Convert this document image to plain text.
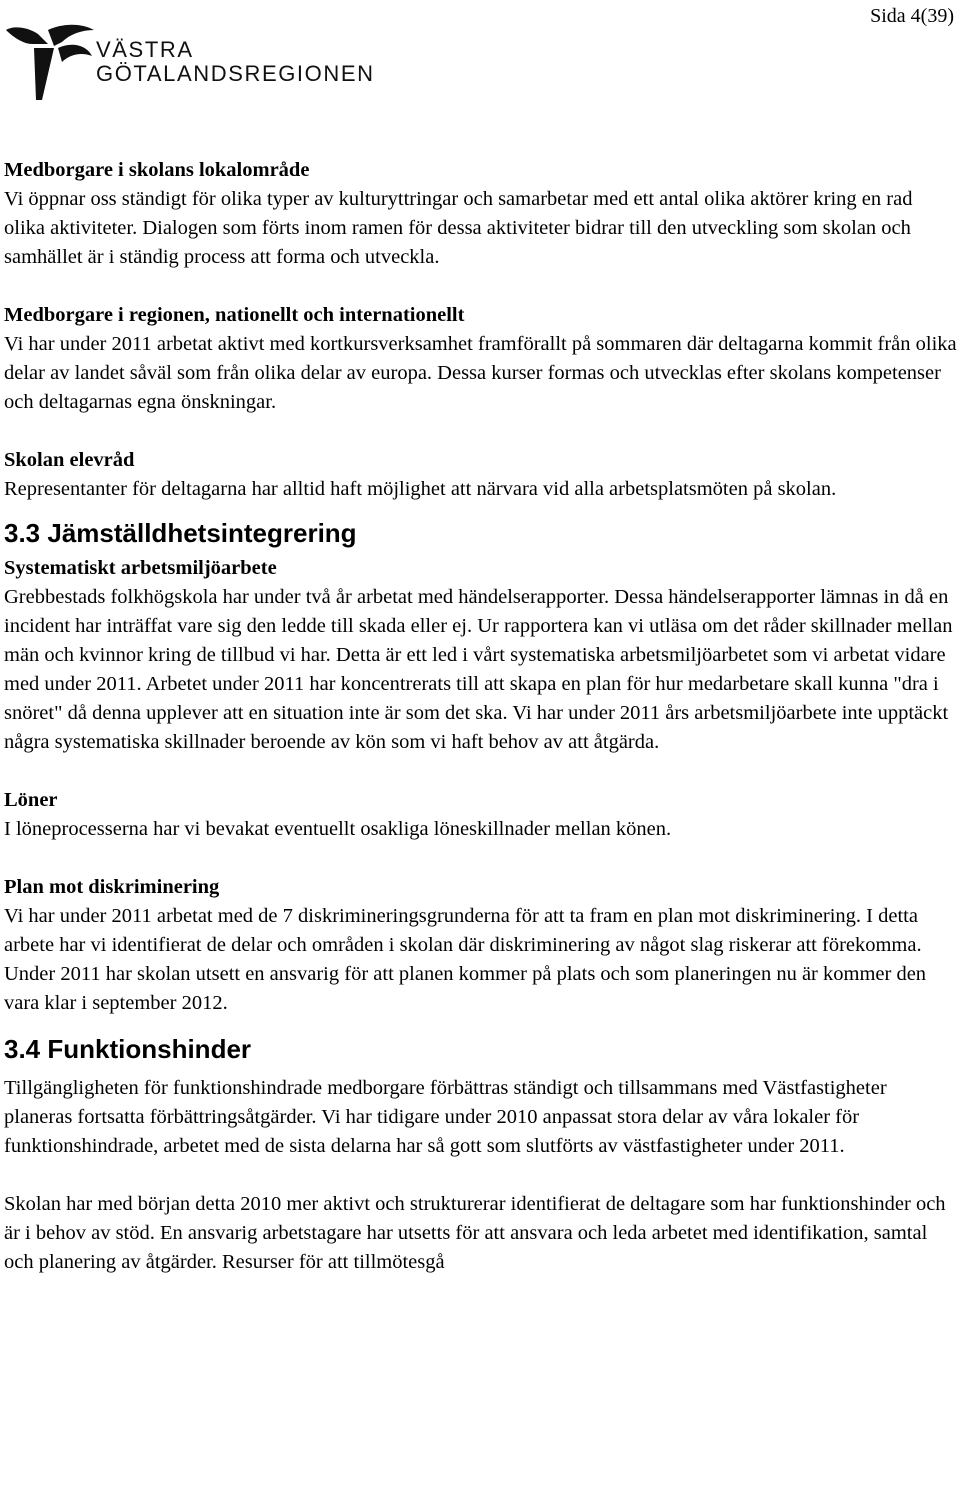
Sida 4(39)
VÄSTRA
GÖTALANDSREGIONEN

Medborgare i skolans lokalområde

Vi öppnar oss ständigt för olika typer av kulturyttringar och samarbetar med ett antal olika aktörer kring en rad olika aktiviteter. Dialogen som förts inom ramen för dessa aktiviteter bidrar till den utveckling som skolan och samhället är i ständig process att forma och utveckla.

Medborgare i regionen, nationellt och internationellt

Vi har under 2011 arbetat aktivt med kortkursverksamhet framförallt på sommaren där deltagarna kommit från olika delar av landet såväl som från olika delar av europa. Dessa kurser formas och utvecklas efter skolans kompetenser och deltagarnas egna önskningar.

Skolan elevråd

Representanter för deltagarna har alltid haft möjlighet att närvara vid alla arbetsplatsmöten på skolan.

3.3 Jämställdhetsintegrering

Systematiskt arbetsmiljöarbete

Grebbestads folkhögskola har under två år arbetat med händelserapporter. Dessa händelserapporter lämnas in då en incident har inträffat vare sig den ledde till skada eller ej. Ur rapportera kan vi utläsa om det råder skillnader mellan män och kvinnor kring de tillbud vi har. Detta är ett led i vårt systematiska arbetsmiljöarbetet som vi arbetat vidare med under 2011. Arbetet under 2011 har koncentrerats till att skapa en plan för hur medarbetare skall kunna "dra i snöret" då denna upplever att en situation inte är som det ska. Vi har under 2011 års arbetsmiljöarbete inte upptäckt några systematiska skillnader beroende av kön som vi haft behov av att åtgärda.

Löner

I löneprocesserna har vi bevakat eventuellt osakliga löneskillnader mellan könen.

Plan mot diskriminering

Vi har under 2011 arbetat med de 7 diskrimineringsgrunderna för att ta fram en plan mot diskriminering. I detta arbete har vi identifierat de delar och områden i skolan där diskriminering av något slag riskerar att förekomma. Under 2011 har skolan utsett en ansvarig för att planen kommer på plats och som planeringen nu är kommer den vara klar i september 2012.

3.4 Funktionshinder

Tillgängligheten för funktionshindrade medborgare förbättras ständigt och tillsammans med Västfastigheter planeras fortsatta förbättringsåtgärder. Vi har tidigare under 2010 anpassat stora delar av våra lokaler för funktionshindrade, arbetet med de sista delarna har så gott som slutförts av västfastigheter under 2011.

Skolan har med början detta 2010 mer aktivt och strukturerar identifierat de deltagare som har funktionshinder och är i behov av stöd. En ansvarig arbetstagare har utsetts för att ansvara och leda arbetet med identifikation, samtal och planering av åtgärder. Resurser för att tillmötesgå
